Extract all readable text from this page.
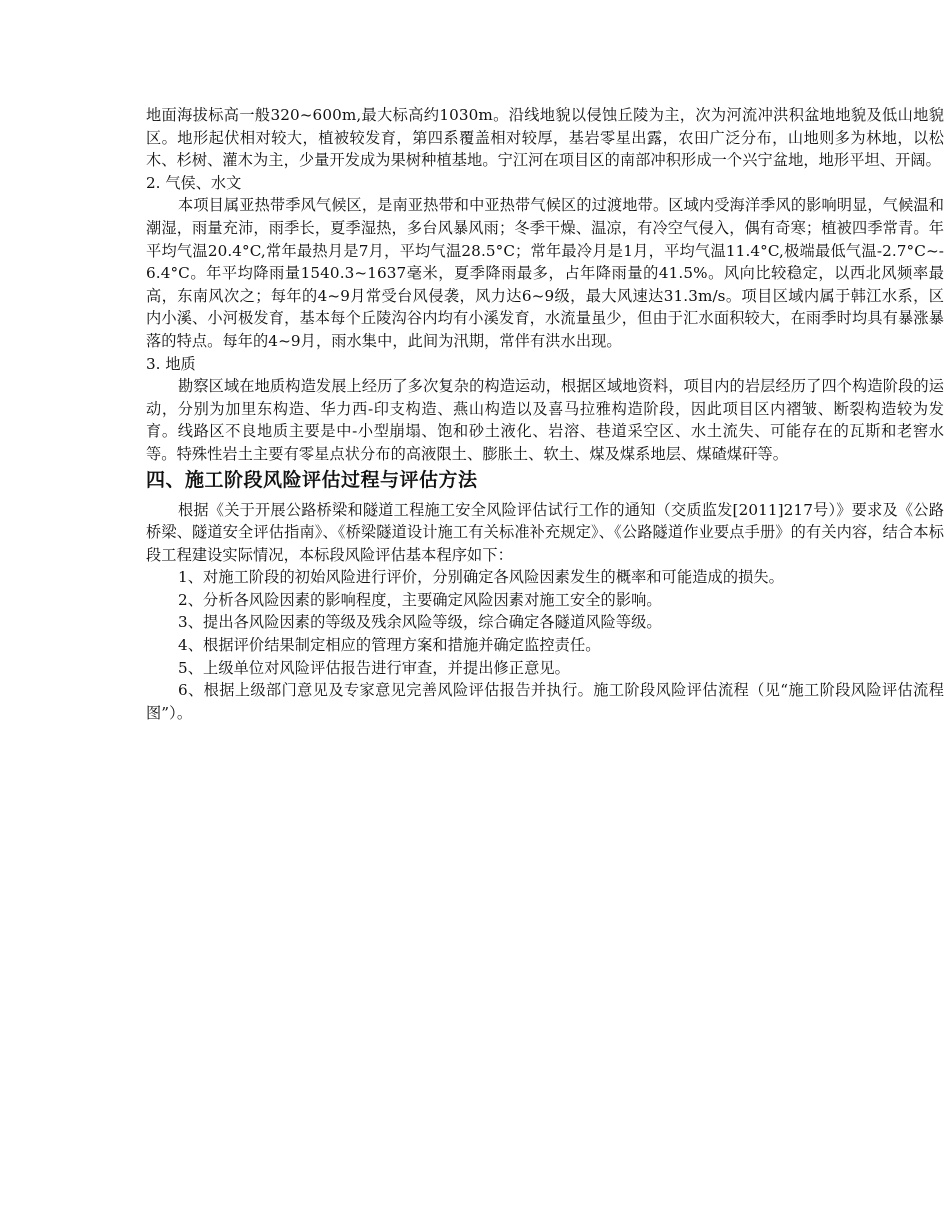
地面海拔标高一般320~600m,最大标高约1030m。沿线地貌以侵蚀丘陵为主，次为河流冲洪积盆地地貌及低山地貌区。地形起伏相对较大，植被较发育，第四系覆盖相对较厚，基岩零星出露，农田广泛分布，山地则多为林地，以松木、杉树、灌木为主，少量开发成为果树种植基地。宁江河在项目区的南部冲积形成一个兴宁盆地，地形平坦、开阔。

2. 气侯、水文

本项目属亚热带季风气候区，是南亚热带和中亚热带气候区的过渡地带。区域内受海洋季风的影响明显，气候温和潮湿，雨量充沛，雨季长，夏季湿热，多台风暴风雨；冬季干燥、温凉，有冷空气侵入，偶有奇寒；植被四季常青。年平均气温20.4°C,常年最热月是7月，平均气温28.5°C；常年最冷月是1月，平均气温11.4°C,极端最低气温-2.7°C~-6.4°C。年平均降雨量1540.3~1637毫米，夏季降雨最多，占年降雨量的41.5%。风向比较稳定，以西北风频率最高，东南风次之；每年的4~9月常受台风侵袭，风力达6~9级，最大风速达31.3m/s。项目区域内属于韩江水系，区内小溪、小河极发育，基本每个丘陵沟谷内均有小溪发育，水流量虽少，但由于汇水面积较大，在雨季时均具有暴涨暴落的特点。每年的4~9月，雨水集中，此间为汛期，常伴有洪水出现。

3. 地质

勘察区域在地质构造发展上经历了多次复杂的构造运动，根据区域地资料，项目内的岩层经历了四个构造阶段的运动，分别为加里东构造、华力西-印支构造、燕山构造以及喜马拉雅构造阶段，因此项目区内褶皱、断裂构造较为发育。线路区不良地质主要是中-小型崩塌、饱和砂土液化、岩溶、巷道采空区、水土流失、可能存在的瓦斯和老窖水等。特殊性岩土主要有零星点状分布的高液限土、膨胀土、软土、煤及煤系地层、煤碴煤矸等。

四、施工阶段风险评估过程与评估方法

根据《关于开展公路桥梁和隧道工程施工安全风险评估试行工作的通知（交质监发[2011]217号）》要求及《公路桥梁、隧道安全评估指南》、《桥梁隧道设计施工有关标准补充规定》、《公路隧道作业要点手册》的有关内容，结合本标段工程建设实际情况，本标段风险评估基本程序如下：

1、对施工阶段的初始风险进行评价，分别确定各风险因素发生的概率和可能造成的损失。

2、分析各风险因素的影响程度，主要确定风险因素对施工安全的影响。

3、提出各风险因素的等级及残余风险等级，综合确定各隧道风险等级。

4、根据评价结果制定相应的管理方案和措施并确定监控责任。

5、上级单位对风险评估报告进行审查，并提出修正意见。

6、根据上级部门意见及专家意见完善风险评估报告并执行。施工阶段风险评估流程（见“施工阶段风险评估流程图”）。
